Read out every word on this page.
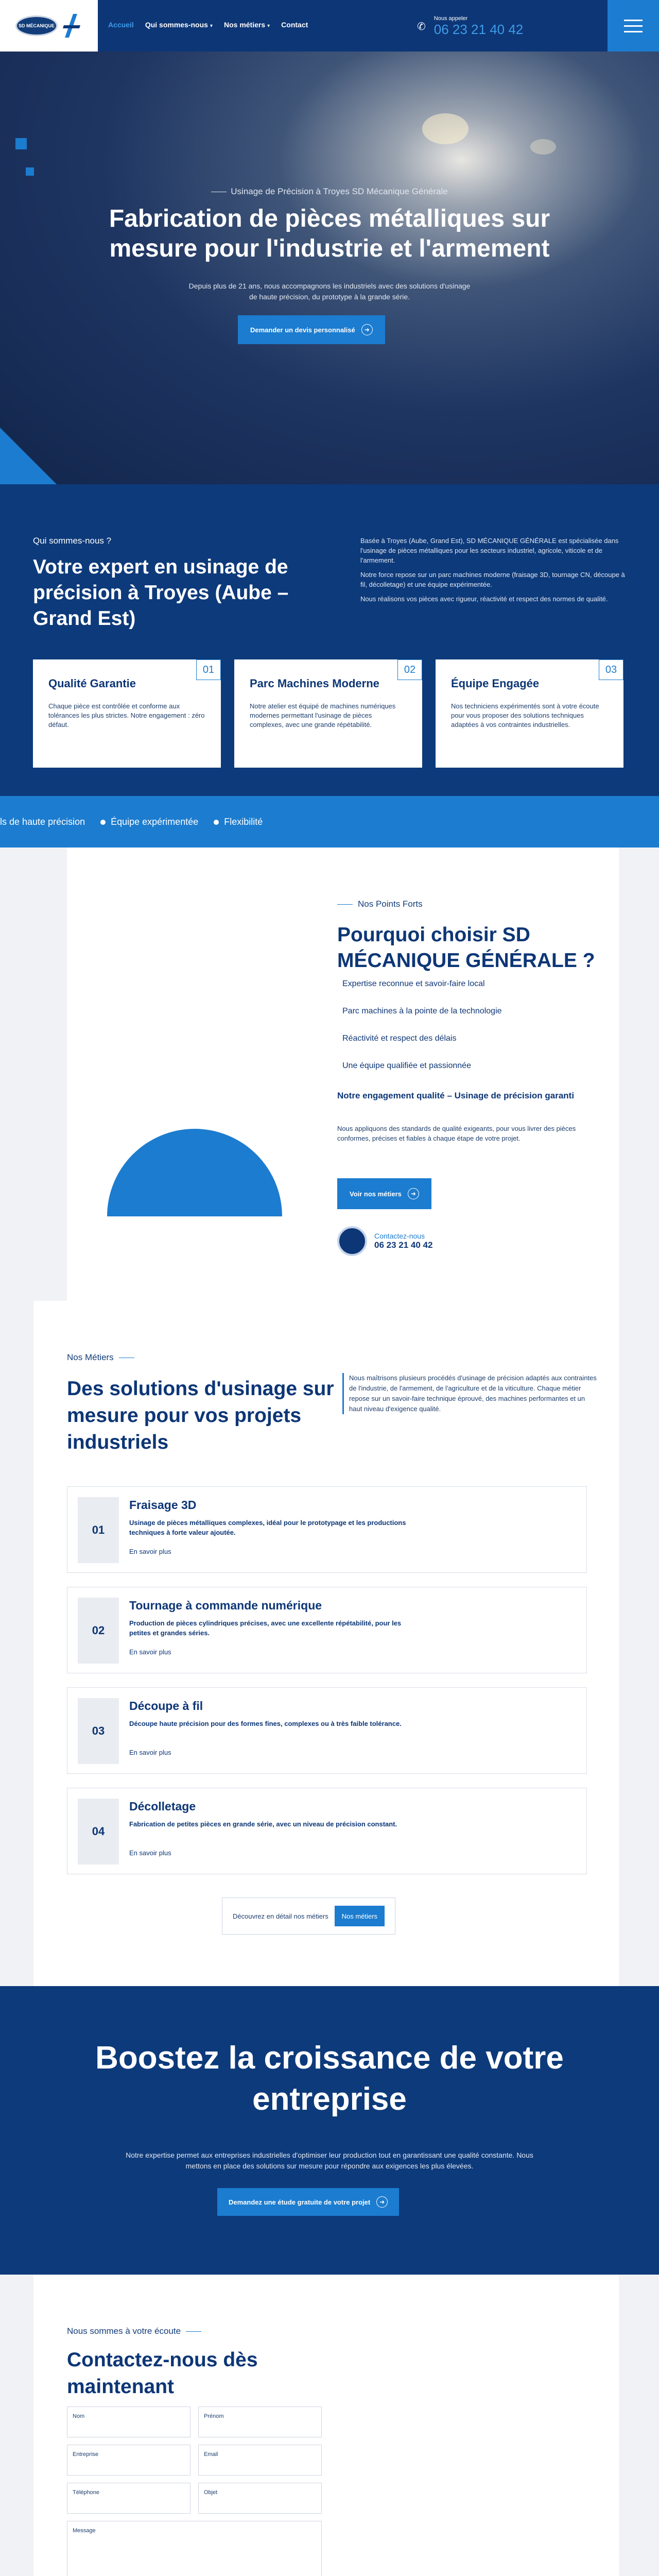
SD MÉCANIQUE	Accueil Qui sommes-nous ▾ Nos métiers ▾ Contact	✆
Nous appeler
06 23 21 40 42
Usinage de Précision à Troyes SD Mécanique Générale
Fabrication de pièces métalliques sur mesure pour l'industrie et l'armement

Depuis plus de 21 ans, nous accompagnons les industriels avec des solutions d'usinage de haute précision, du prototype à la grande série.

Demander un devis personnalisé	➜
Qui sommes-nous ?
Votre expert en usinage de précision à Troyes (Aube – Grand Est)

Basée à Troyes (Aube, Grand Est), SD MÉCANIQUE GÉNÉRALE est spécialisée dans l'usinage de pièces métalliques pour les secteurs industriel, agricole, viticole et de l'armement.

Notre force repose sur un parc machines moderne (fraisage 3D, tournage CN, découpe à fil, décolletage) et une équipe expérimentée.

Nous réalisons vos pièces avec rigueur, réactivité et respect des normes de qualité.

01
Qualité Garantie

Chaque pièce est contrôlée et conforme aux tolérances les plus strictes. Notre engagement : zéro défaut.

02
Parc Machines Moderne

Notre atelier est équipé de machines numériques modernes permettant l'usinage de pièces complexes, avec une grande répétabilité.

03
Équipe Engagée

Nos techniciens expérimentés sont à votre écoute pour vous proposer des solutions techniques adaptées à vos contraintes industrielles.

ls de haute précision	Équipe expérimentée	Flexibilité
Nos Points Forts
Pourquoi choisir SD MÉCANIQUE GÉNÉRALE ?
Expertise reconnue et savoir-faire local
Parc machines à la pointe de la technologie
Réactivité et respect des délais
Une équipe qualifiée et passionnée
Notre engagement qualité – Usinage de précision garanti
Nous appliquons des standards de qualité exigeants, pour vous livrer des pièces conformes, précises et fiables à chaque étape de votre projet.
Voir nos métiers	➜
Contactez-nous
06 23 21 40 42
Nos Métiers
Des solutions d'usinage sur mesure pour vos projets industriels
Nous maîtrisons plusieurs procédés d'usinage de précision adaptés aux contraintes de l'industrie, de l'armement, de l'agriculture et de la viticulture. Chaque métier repose sur un savoir-faire technique éprouvé, des machines performantes et un haut niveau d'exigence qualité.
01
Fraisage 3D

Usinage de pièces métalliques complexes, idéal pour le prototypage et les productions techniques à forte valeur ajoutée.

En savoir plus
02
Tournage à commande numérique

Production de pièces cylindriques précises, avec une excellente répétabilité, pour les petites et grandes séries.

En savoir plus
03
Découpe à fil

Découpe haute précision pour des formes fines, complexes ou à très faible tolérance.

En savoir plus
04
Décolletage

Fabrication de petites pièces en grande série, avec un niveau de précision constant.

En savoir plus
Découvrez en détail nos métiers	Nos métiers
Boostez la croissance de votre entreprise

Notre expertise permet aux entreprises industrielles d'optimiser leur production tout en garantissant une qualité constante. Nous mettons en place des solutions sur mesure pour répondre aux exigences les plus élevées.

Demandez une étude gratuite de votre projet	➜
Nous sommes à votre écoute
Contactez-nous dès maintenant
Nom	Prénom
Entreprise	Email
Téléphone	Objet
Message
